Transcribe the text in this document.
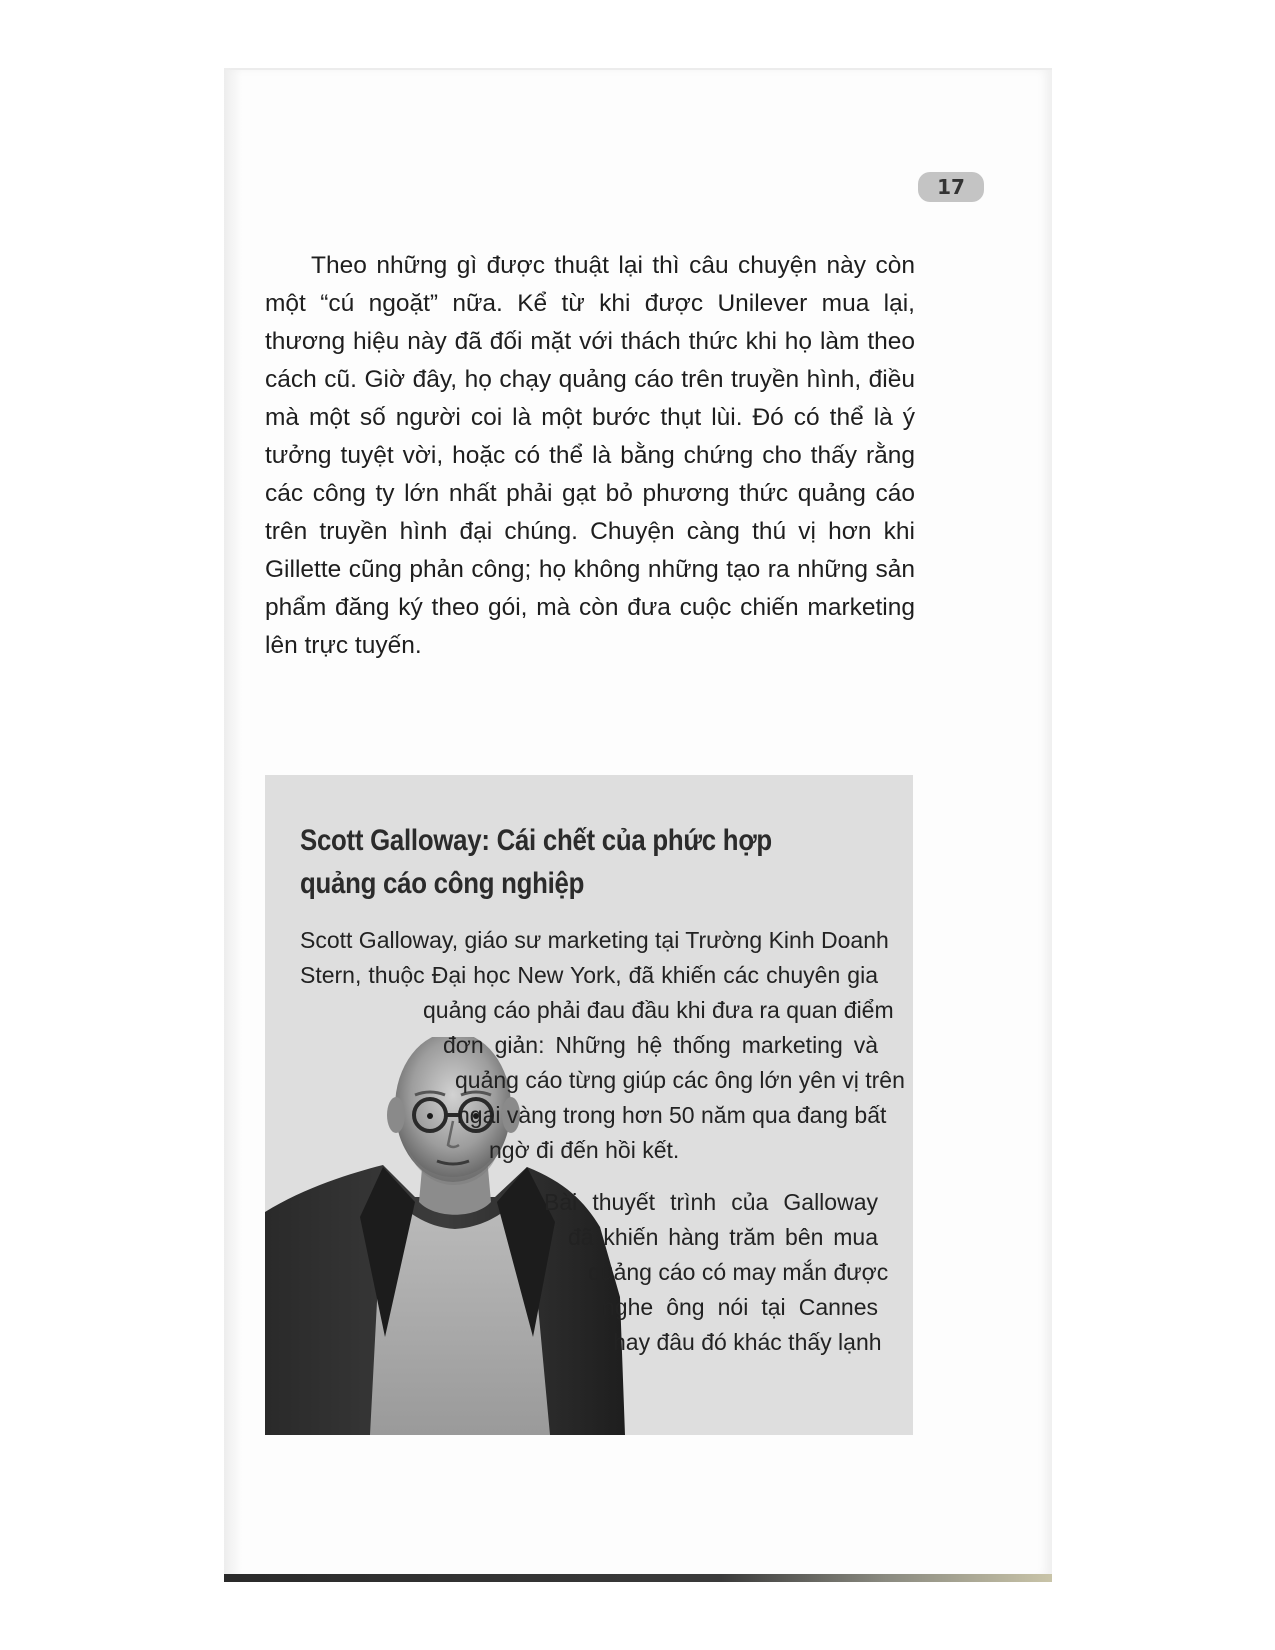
17

Theo những gì được thuật lại thì câu chuyện này còn một “cú ngoặt” nữa. Kể từ khi được Unilever mua lại, thương hiệu này đã đối mặt với thách thức khi họ làm theo cách cũ. Giờ đây, họ chạy quảng cáo trên truyền hình, điều mà một số người coi là một bước thụt lùi. Đó có thể là ý tưởng tuyệt vời, hoặc có thể là bằng chứng cho thấy rằng các công ty lớn nhất phải gạt bỏ phương thức quảng cáo trên truyền hình đại chúng. Chuyện càng thú vị hơn khi Gillette cũng phản công; họ không những tạo ra những sản phẩm đăng ký theo gói, mà còn đưa cuộc chiến marketing lên trực tuyến.

Scott Galloway: Cái chết của phức hợp
quảng cáo công nghiệp
Scott Galloway, giáo sư marketing tại Trường Kinh Doanh
Stern, thuộc Đại học New York, đã khiến các chuyên gia
quảng cáo phải đau đầu khi đưa ra quan điểm
đơn giản: Những hệ thống marketing và
quảng cáo từng giúp các ông lớn yên vị trên
ngai vàng trong hơn 50 năm qua đang bất
ngờ đi đến hồi kết.
Bài thuyết trình của Galloway
đã khiến hàng trăm bên mua
quảng cáo có may mắn được
nghe ông nói tại Cannes
hay đâu đó khác thấy lạnh
